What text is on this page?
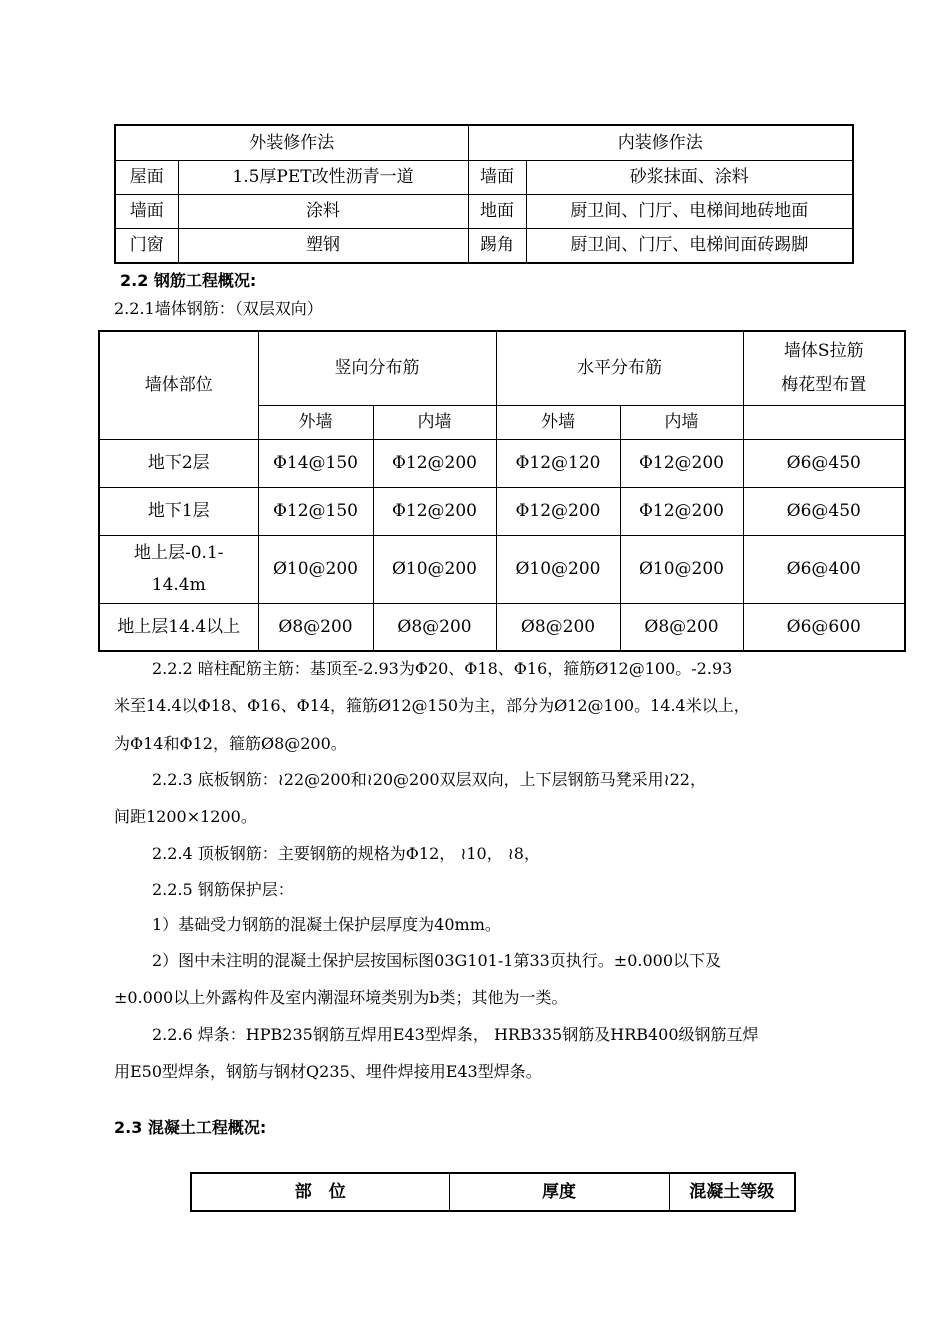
外装修作法		内装修作法	
屋面	1.5厚PET改性沥青一道	墙面	砂浆抹面、涂料
墙面	涂料	地面	厨卫间、门厅、电梯间地砖地面
门窗	塑钢	踢角	厨卫间、门厅、电梯间面砖踢脚
2.2 钢筋工程概况:
2.2.1墙体钢筋：（双层双向）
墙体部位	竖向分布筋		水平分布筋		墙体S拉筋
梅花型布置
	外墙	内墙	外墙	内墙	
地下2层	Φ14@150	Φ12@200	Φ12@120	Φ12@200	Ø6@450
地下1层	Φ12@150	Φ12@200	Φ12@200	Φ12@200	Ø6@450
地上层-0.1-
14.4m	Ø10@200	Ø10@200	Ø10@200	Ø10@200	Ø6@400
地上层14.4以上	Ø8@200	Ø8@200	Ø8@200	Ø8@200	Ø6@600
2.2.2 暗柱配筋主筋：基顶至-2.93为Φ20、Φ18、Φ16，箍筋Ø12@100。-2.93
米至14.4以Φ18、Φ16、Φ14，箍筋Ø12@150为主，部分为Ø12@100。14.4米以上，
为Φ14和Φ12，箍筋Ø8@200。
2.2.3 底板钢筋：≀22@200和≀20@200双层双向，上下层钢筋马凳采用≀22，
间距1200×1200。
2.2.4 顶板钢筋：主要钢筋的规格为Φ12， ≀10， ≀8，
2.2.5 钢筋保护层：
1）基础受力钢筋的混凝土保护层厚度为40mm。
2）图中未注明的混凝土保护层按国标图03G101-1第33页执行。±0.000以下及
±0.000以上外露构件及室内潮湿环境类别为b类；其他为一类。
2.2.6 焊条：HPB235钢筋互焊用E43型焊条， HRB335钢筋及HRB400级钢筋互焊
用E50型焊条，钢筋与钢材Q235、埋件焊接用E43型焊条。
2.3 混凝土工程概况:
部　位	厚度	混凝土等级
